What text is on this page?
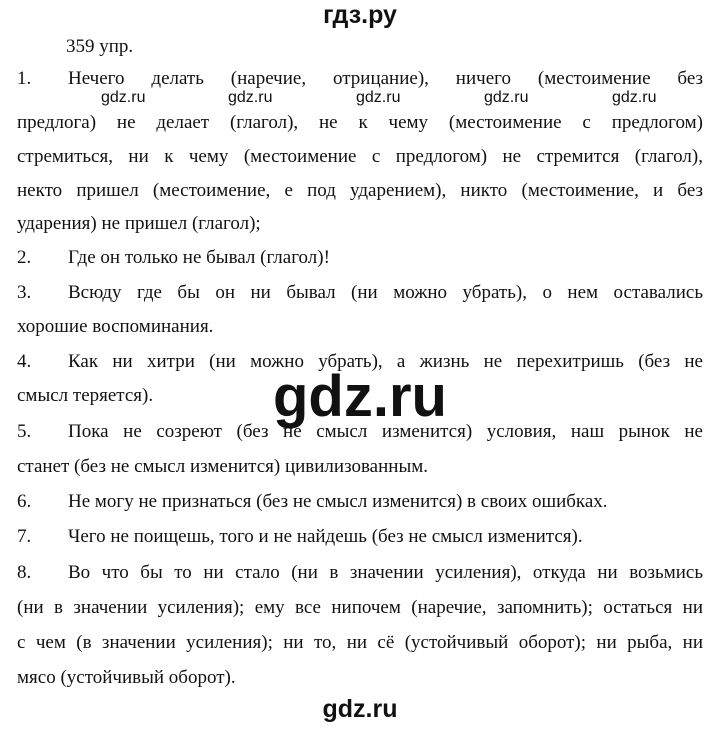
гдз.ру
359 упр.
1. Нечего делать (наречие, отрицание), ничего (местоимение без
предлога) не делает (глагол), не к чему (местоимение с предлогом)
стремиться, ни к чему (местоимение с предлогом) не стремится (глагол),
некто пришел (местоимение, е под ударением), никто (местоимение, и без
ударения) не пришел (глагол);
gdz.ru	gdz.ru	gdz.ru	gdz.ru	gdz.ru
2. Где он только не бывал (глагол)!
3. Всюду где бы он ни бывал (ни можно убрать), о нем оставались
хорошие воспоминания.
4. Как ни хитри (ни можно убрать), а жизнь не перехитришь (без не
смысл теряется).	gdz.ru
5. Пока не созреют (без не смысл изменится) условия, наш рынок не
станет (без не смысл изменится) цивилизованным.
6. Не могу не признаться (без не смысл изменится) в своих ошибках.
7. Чего не поищешь, того и не найдешь (без не смысл изменится).
8. Во что бы то ни стало (ни в значении усиления), откуда ни возьмись
(ни в значении усиления); ему все нипочем (наречие, запомнить); остаться ни
с чем (в значении усиления); ни то, ни сё (устойчивый оборот); ни рыба, ни
мясо (устойчивый оборот).
gdz.ru
